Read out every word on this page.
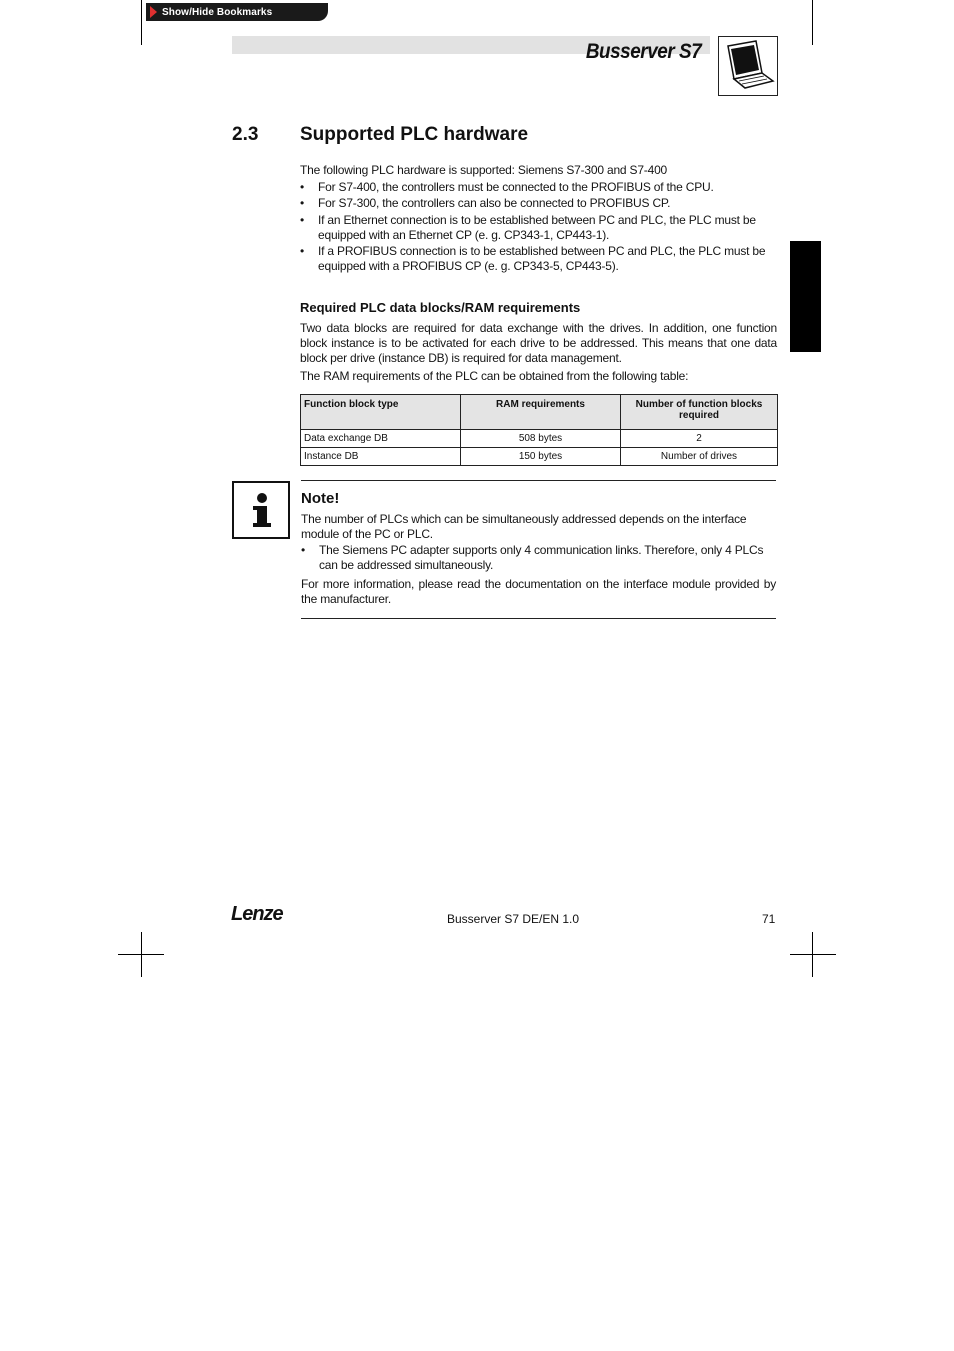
Show/Hide Bookmarks
Busserver S7
2.3 Supported PLC hardware
The following PLC hardware is supported: Siemens S7-300 and S7-400
• For S7-400, the controllers must be connected to the PROFIBUS of the CPU.
• For S7-300, the controllers can also be connected to PROFIBUS CP.
• If an Ethernet connection is to be established between PC and PLC, the PLC must be equipped with an Ethernet CP (e. g. CP343-1, CP443-1).
• If a PROFIBUS connection is to be established between PC and PLC, the PLC must be equipped with a PROFIBUS CP (e. g. CP343-5, CP443-5).
Required PLC data blocks/RAM requirements
Two data blocks are required for data exchange with the drives. In addition, one function block instance is to be activated for each drive to be addressed. This means that one data block per drive (instance DB) is required for data management.
The RAM requirements of the PLC can be obtained from the following table:
Function block type	RAM requirements	Number of function blocks required
Data exchange DB	508 bytes	2
Instance DB	150 bytes	Number of drives
Note!
The number of PLCs which can be simultaneously addressed depends on the interface module of the PC or PLC.
• The Siemens PC adapter supports only 4 communication links. Therefore, only 4 PLCs can be addressed simultaneously.
For more information, please read the documentation on the interface module provided by the manufacturer.
Lenze	Busserver S7 DE/EN 1.0	71
